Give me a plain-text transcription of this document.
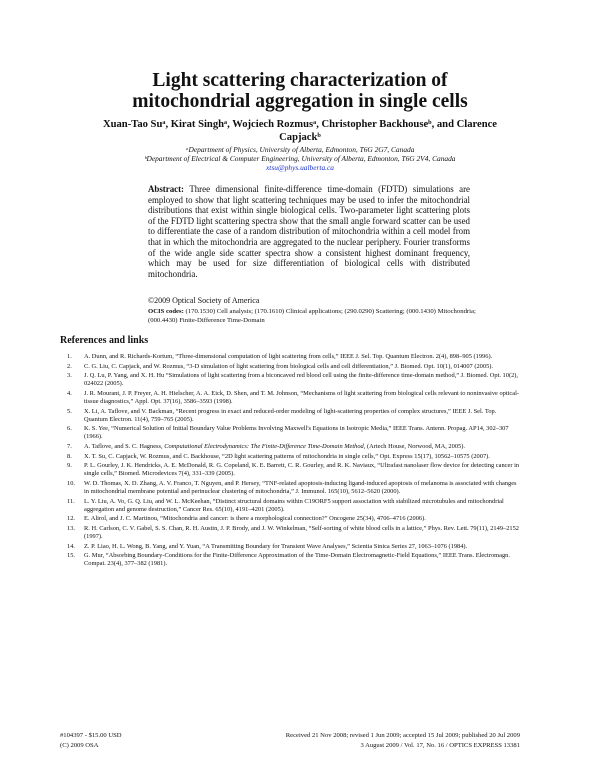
Light scattering characterization of
mitochondrial aggregation in single cells
Xuan-Tao Suᵃ, Kirat Singhᵃ, Wojciech Rozmusᵃ, Christopher Backhouseᵇ, and Clarence
Capjackᵇ
ᵃDepartment of Physics, University of Alberta, Edmonton, T6G 2G7, Canada
ᵇDepartment of Electrical & Computer Engineering, University of Alberta, Edmonton, T6G 2V4, Canada
xtsu@phys.ualberta.ca
Abstract: Three dimensional finite-difference time-domain (FDTD) simulations are employed to show that light scattering techniques may be used to infer the mitochondrial distributions that exist within single biological cells. Two-parameter light scattering plots of the FDTD light scattering spectra show that the small angle forward scatter can be used to differentiate the case of a random distribution of mitochondria within a cell model from that in which the mitochondria are aggregated to the nuclear periphery. Fourier transforms of the wide angle side scatter spectra show a consistent highest dominant frequency, which may be used for size differentiation of biological cells with distributed mitochondria.
©2009 Optical Society of America
OCIS codes: (170.1530) Cell analysis; (170.1610) Clinical applications; (290.0290) Scattering; (000.1430) Mitochondria; (000.4430) Finite-Difference Time-Domain
References and links
1. A. Dunn, and R. Richards-Kortum, “Three-dimensional computation of light scattering from cells,” IEEE J. Sel. Top. Quantum Electron. 2(4), 898–905 (1996).
2. C. G. Liu, C. Capjack, and W. Rozmus, “3-D simulation of light scattering from biological cells and cell differentiation,” J. Biomed. Opt. 10(1), 014007 (2005).
3. J. Q. Lu, P. Yang, and X. H. Hu “Simulations of light scattering from a biconcaved red blood cell using the finite-difference time-domain method,” J. Biomed. Opt. 10(2), 024022 (2005).
4. J. R. Mourant, J. P. Freyer, A. H. Hielscher, A. A. Eick, D. Shen, and T. M. Johnson, “Mechanisms of light scattering from biological cells relevant to noninvasive optical-tissue diagnostics,” Appl. Opt. 37(16), 3586–3593 (1998).
5. X. Li, A. Taflove, and V. Backman, “Recent progress in exact and reduced-order modeling of light-scattering properties of complex structures,” IEEE J. Sel. Top. Quantum Electron. 11(4), 759–765 (2005).
6. K. S. Yee, “Numerical Solution of Initial Boundary Value Problems Involving Maxwell's Equations in Isotropic Media,” IEEE Trans. Antenn. Propag. AP14, 302–307 (1966).
7. A. Taflove, and S. C. Hagness, Computational Electrodynamics: The Finite-Difference Time-Domain Method, (Artech House, Norwood, MA, 2005).
8. X. T. Su, C. Capjack, W. Rozmus, and C. Backhouse, “2D light scattering patterns of mitochondria in single cells,” Opt. Express 15(17), 10562–10575 (2007).
9. P. L. Gourley, J. K. Hendricks, A. E. McDonald, R. G. Copeland, K. E. Barrett, C. R. Gourley, and R. K. Naviaux, “Ultrafast nanolaser flow device for detecting cancer in single cells,” Biomed. Microdevices 7(4), 331–339 (2005).
10. W. D. Thomas, X. D. Zhang, A. V. Franco, T. Nguyen, and P. Hersey, “TNF-related apoptosis-inducing ligand-induced apoptosis of melanoma is associated with changes in mitochondrial membrane potential and perinuclear clustering of mitochondria,” J. Immunol. 165(10), 5612–5620 (2000).
11. L. Y. Liu, A. Vo, G. Q. Liu, and W. L. McKeehan, “Distinct structural domains within C19ORF5 support association with stabilized microtubules and mitochondrial aggregation and genome destruction,” Cancer Res. 65(10), 4191–4201 (2005).
12. E. Alirol, and J. C. Martinou, “Mitochondria and cancer: is there a morphological connection?” Oncogene 25(34), 4706–4716 (2006).
13. R. H. Carlson, C. V. Gabel, S. S. Chan, R. H. Austin, J. P. Brody, and J. W. Winkelman, “Self-sorting of white blood cells in a lattice,” Phys. Rev. Lett. 79(11), 2149–2152 (1997).
14. Z. P. Liao, H. L. Wong, B. Yang, and Y. Yuan, “A Transmitting Boundary for Transient Wave Analyses,” Scientia Sinica Series 27, 1063–1076 (1984).
15. G. Mur, “Absorbing Boundary-Conditions for the Finite-Difference Approximation of the Time-Domain Electromagnetic-Field Equations,” IEEE Trans. Electromagn. Compat. 23(4), 377–382 (1981).
#104397 - $15.00 USD	Received 21 Nov 2008; revised 1 Jun 2009; accepted 15 Jul 2009; published 20 Jul 2009
(C) 2009 OSA	3 August 2009 / Vol. 17, No. 16 / OPTICS EXPRESS 13381
